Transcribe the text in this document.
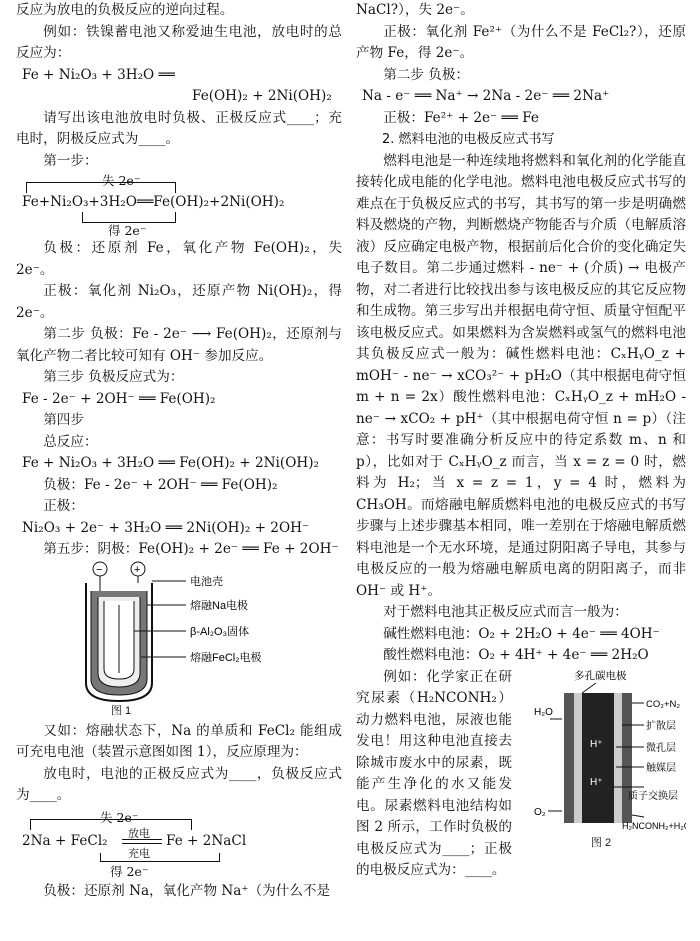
反应为放电的负极反应的逆向过程。

例如：铁镍蓄电池又称爱迪生电池，放电时的总反应为：

Fe + Ni₂O₃ + 3H₂O ══

Fe(OH)₂ + 2Ni(OH)₂

请写出该电池放电时负极、正极反应式____；充电时，阴极反应式为____。

第一步：

失 2e⁻

Fe+Ni₂O₃+3H₂O══Fe(OH)₂+2Ni(OH)₂

得 2e⁻

负极：还原剂 Fe，氧化产物 Fe(OH)₂，失 2e⁻。

正极：氧化剂 Ni₂O₃，还原产物 Ni(OH)₂，得 2e⁻。

第二步 负极：Fe - 2e⁻ ⟶ Fe(OH)₂，还原剂与氧化产物二者比较可知有 OH⁻ 参加反应。

第三步 负极反应式为：

Fe - 2e⁻ + 2OH⁻ ══ Fe(OH)₂

第四步

总反应：

Fe + Ni₂O₃ + 3H₂O ══ Fe(OH)₂ + 2Ni(OH)₂

负极：Fe - 2e⁻ + 2OH⁻ ══ Fe(OH)₂

正极：

Ni₂O₃ + 2e⁻ + 3H₂O ══ 2Ni(OH)₂ + 2OH⁻

第五步：阴极：Fe(OH)₂ + 2e⁻ ══ Fe + 2OH⁻

−	+
电池壳
熔融Na电极
β-Al₂O₃固体
熔融FeCl₂电极
图 1

又如：熔融状态下，Na 的单质和 FeCl₂ 能组成可充电电池（装置示意图如图 1），反应原理为：

放电时，电池的正极反应式为____，负极反应式为____。

失 2e⁻
2Na + FeCl₂ 放电
充电
Fe + 2NaCl
得 2e⁻

负极：还原剂 Na，氧化产物 Na⁺（为什么不是

NaCl?），失 2e⁻。

正极：氧化剂 Fe²⁺（为什么不是 FeCl₂?），还原产物 Fe，得 2e⁻。

第二步 负极：

Na - e⁻ ══ Na⁺ → 2Na - 2e⁻ ══ 2Na⁺

正极：Fe²⁺ + 2e⁻ ══ Fe

2. 燃料电池的电极反应式书写

燃料电池是一种连续地将燃料和氧化剂的化学能直接转化成电能的化学电池。燃料电池电极反应式书写的难点在于负极反应式的书写，其书写的第一步是明确燃料及燃烧的产物，判断燃烧产物能否与介质（电解质溶液）反应确定电极产物，根据前后化合价的变化确定失电子数目。第二步通过燃料 - ne⁻ + (介质) → 电极产物，对二者进行比较找出参与该电极反应的其它反应物和生成物。第三步写出并根据电荷守恒、质量守恒配平该电极反应式。如果燃料为含炭燃料或氢气的燃料电池其负极反应式一般为：碱性燃料电池：CₓHᵧO_z + mOH⁻ - ne⁻ → xCO₃²⁻ + pH₂O（其中根据电荷守恒 m + n = 2x）酸性燃料电池：CₓHᵧO_z + mH₂O - ne⁻ → xCO₂ + pH⁺（其中根据电荷守恒 n = p）（注意：书写时要准确分析反应中的待定系数 m、n 和 p），比如对于 CₓHᵧO_z 而言，当 x = z = 0 时，燃料为 H₂；当 x = z = 1，y = 4 时，燃料为 CH₃OH。而熔融电解质燃料电池的电极反应式的书写步骤与上述步骤基本相同，唯一差别在于熔融电解质燃料电池是一个无水环境，是通过阴阳离子导电，其参与电极反应的一般为熔融电解质电离的阴阳离子，而非 OH⁻ 或 H⁺。

对于燃料电池其正极反应式而言一般为：

碱性燃料电池：O₂ + 2H₂O + 4e⁻ ══ 4OH⁻

酸性燃料电池：O₂ + 4H⁺ + 4e⁻ ══ 2H₂O

多孔碳电极
H⁺
H⁺
H₂O
O₂
CO₂+N₂
扩散层
微孔层
触媒层
质子交换层
H₂NCONH₂+H₂O
图 2

例如：化学家正在研究尿素（H₂NCONH₂）动力燃料电池，尿液也能发电！用这种电池直接去除城市废水中的尿素，既能产生净化的水又能发电。尿素燃料电池结构如图 2 所示，工作时负极的电极反应式为____；正极的电极反应式为：____。
